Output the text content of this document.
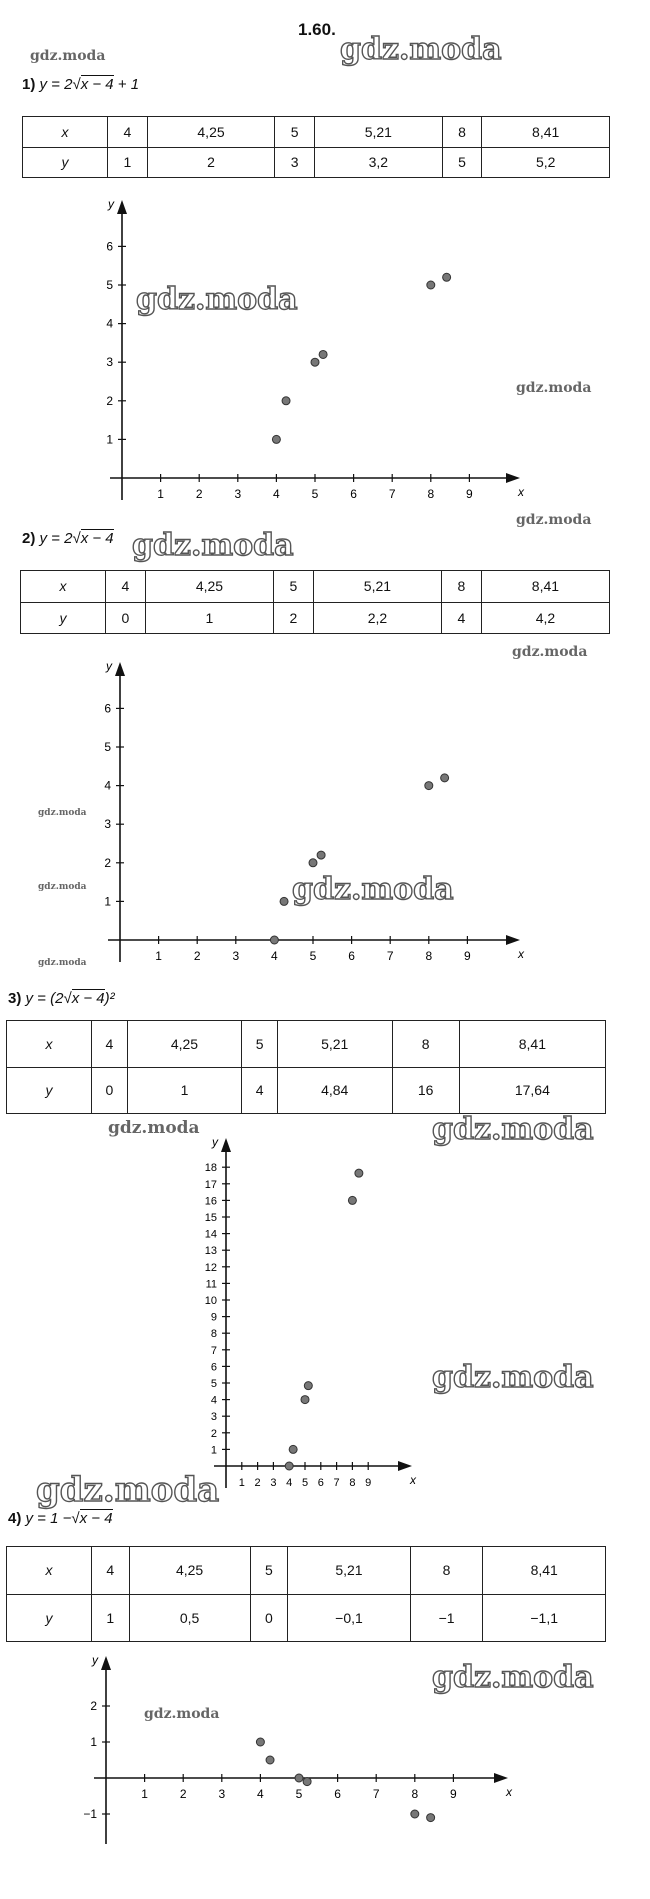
1.60.
gdz.moda
gdz.moda
gdz.moda
gdz.moda
gdz.moda
gdz.moda
gdz.moda
gdz.moda
gdz.moda
gdz.moda
gdz.moda
gdz.moda	gdz.moda
gdz.moda
gdz.moda
gdz.moda
gdz.moda
1) y = 2√x − 4 + 1
2) y = 2√x − 4
3) y = (2√x − 4)²
4) y = 1 −√x − 4
x	4	4,25	5	5,21	8	8,41
y	1	2	3	3,2	5	5,2
x	4	4,25	5	5,21	8	8,41
y	0	1	2	2,2	4	4,2
x	4	4,25	5	5,21	8	8,41
y	0	1	4	4,84	16	17,64
x	4	4,25	5	5,21	8	8,41
y	1	0,5	0	−0,1	−1	−1,1
x
y
1	2	3	4	5	6	7	8	9
1
2
3
4
5
6
x
y
1	2	3	4	5	6	7	8	9
1
2
3
4
5
6
x
y
1 2 3 4 5 6 7 8 9
1
2
3
4
5
6
7
8
9
10
11
12
13
14
15
16
17
18
x
y
1	2	3	4	5	6	7	8	9
−1
1
2
